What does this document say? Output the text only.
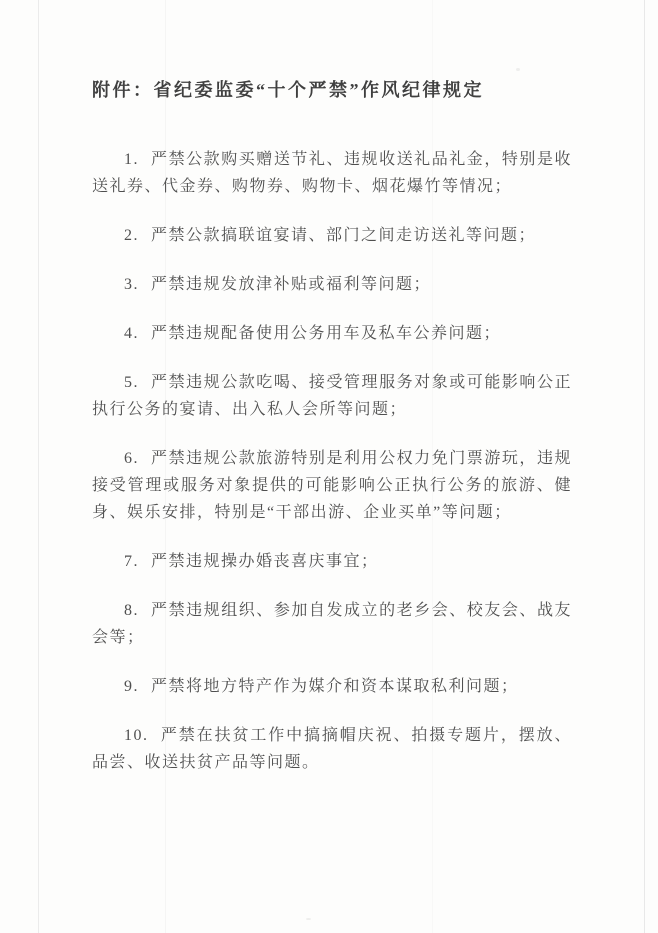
附件：省纪委监委“十个严禁”作风纪律规定

1. 严禁公款购买赠送节礼、违规收送礼品礼金，特别是收送礼券、代金券、购物券、购物卡、烟花爆竹等情况；

2. 严禁公款搞联谊宴请、部门之间走访送礼等问题；

3. 严禁违规发放津补贴或福利等问题；

4. 严禁违规配备使用公务用车及私车公养问题；

5. 严禁违规公款吃喝、接受管理服务对象或可能影响公正执行公务的宴请、出入私人会所等问题；

6. 严禁违规公款旅游特别是利用公权力免门票游玩，违规接受管理或服务对象提供的可能影响公正执行公务的旅游、健身、娱乐安排，特别是“干部出游、企业买单”等问题；

7. 严禁违规操办婚丧喜庆事宜；

8. 严禁违规组织、参加自发成立的老乡会、校友会、战友会等；

9. 严禁将地方特产作为媒介和资本谋取私利问题；

10. 严禁在扶贫工作中搞摘帽庆祝、拍摄专题片，摆放、品尝、收送扶贫产品等问题。
